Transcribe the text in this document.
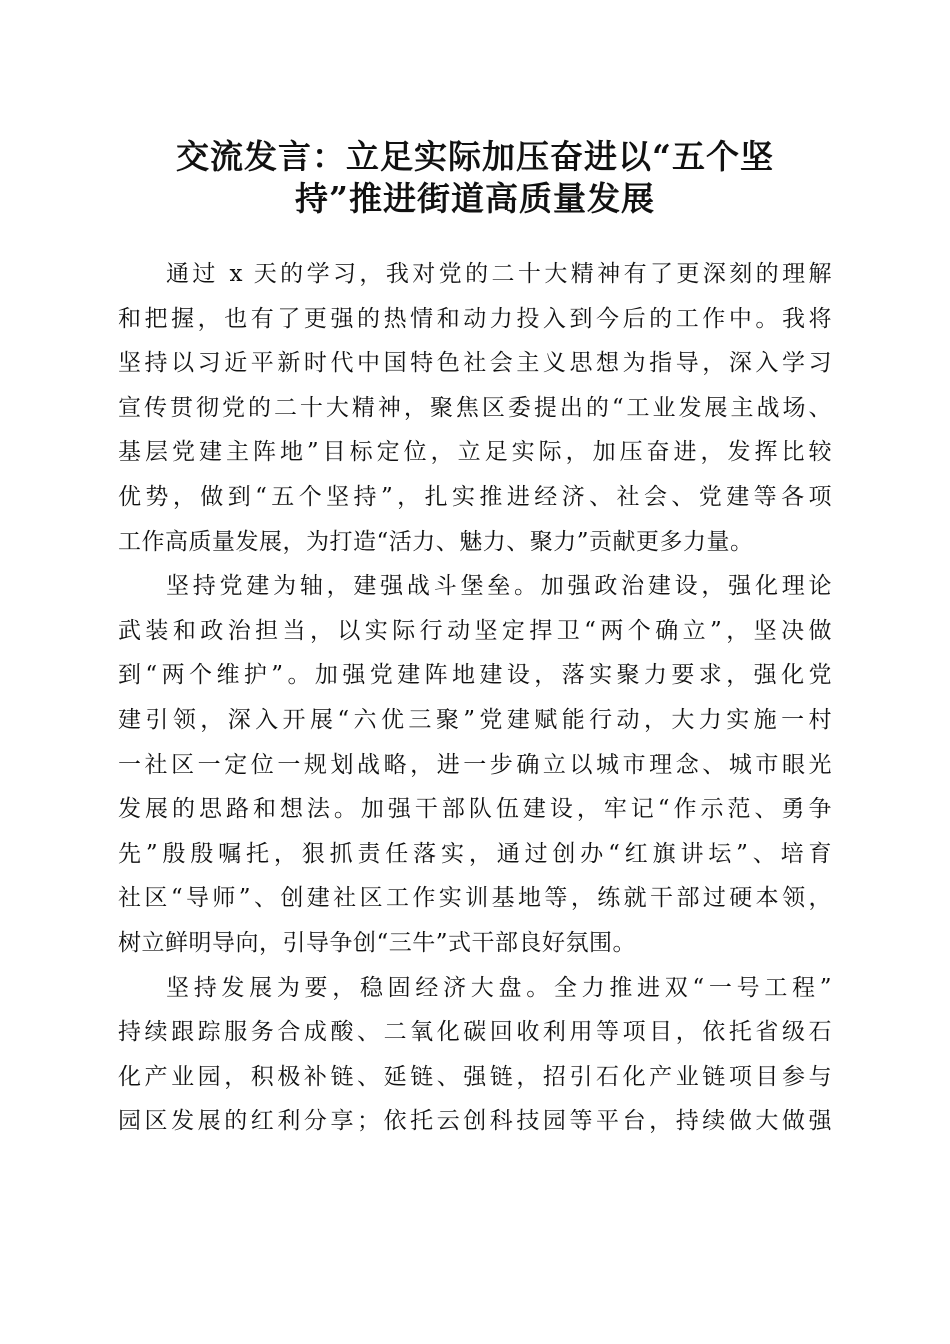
交流发言：立足实际加压奋进以“五个坚
持”推进街道高质量发展

通过 x 天的学习，我对党的二十大精神有了更深刻的理解
和把握，也有了更强的热情和动力投入到今后的工作中。我将
坚持以习近平新时代中国特色社会主义思想为指导，深入学习
宣传贯彻党的二十大精神，聚焦区委提出的“工业发展主战场、
基层党建主阵地”目标定位，立足实际，加压奋进，发挥比较
优势，做到“五个坚持”，扎实推进经济、社会、党建等各项
工作高质量发展，为打造“活力、魅力、聚力”贡献更多力量。

坚持党建为轴，建强战斗堡垒。加强政治建设，强化理论
武装和政治担当，以实际行动坚定捍卫“两个确立”，坚决做
到“两个维护”。加强党建阵地建设，落实聚力要求，强化党
建引领，深入开展“六优三聚”党建赋能行动，大力实施一村
一社区一定位一规划战略，进一步确立以城市理念、城市眼光
发展的思路和想法。加强干部队伍建设，牢记“作示范、勇争
先”殷殷嘱托，狠抓责任落实，通过创办“红旗讲坛”、培育
社区“导师”、创建社区工作实训基地等，练就干部过硬本领，
树立鲜明导向，引导争创“三牛”式干部良好氛围。

坚持发展为要，稳固经济大盘。全力推进双“一号工程”
持续跟踪服务合成酸、二氧化碳回收利用等项目，依托省级石
化产业园，积极补链、延链、强链，招引石化产业链项目参与
园区发展的红利分享；依托云创科技园等平台，持续做大做强
